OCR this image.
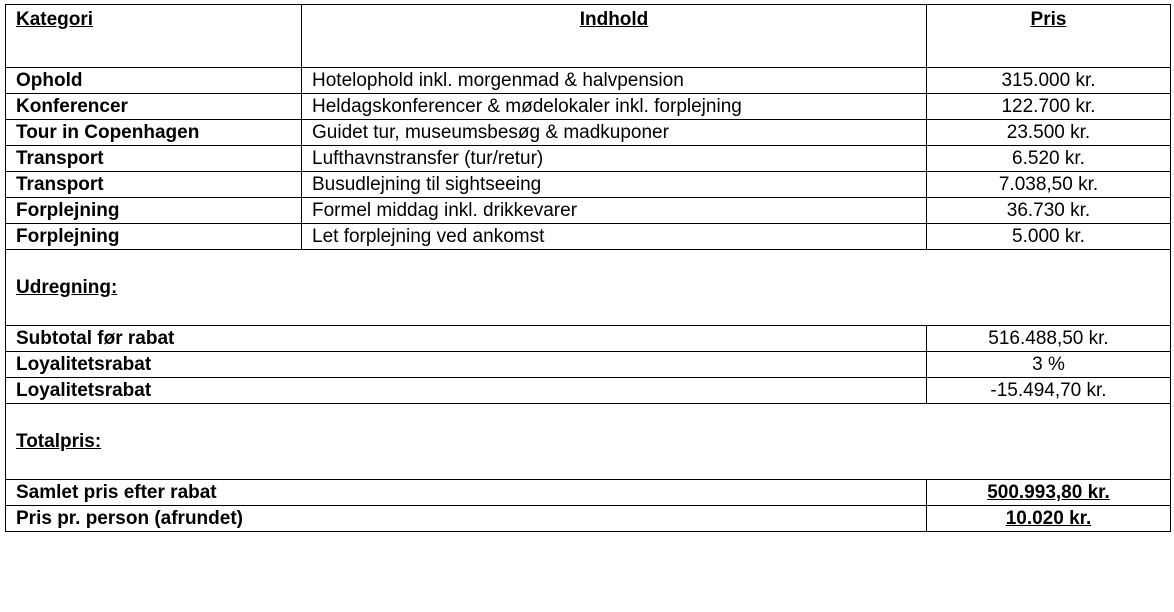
Kategori	Indhold	Pris
Ophold	Hotelophold inkl. morgenmad & halvpension	315.000 kr.
Konferencer	Heldagskonferencer & mødelokaler inkl. forplejning	122.700 kr.
Tour in Copenhagen	Guidet tur, museumsbesøg & madkuponer	23.500 kr.
Transport	Lufthavnstransfer (tur/retur)	6.520 kr.
Transport	Busudlejning til sightseeing	7.038,50 kr.
Forplejning	Formel middag inkl. drikkevarer	36.730 kr.
Forplejning	Let forplejning ved ankomst	5.000 kr.
Udregning:		
Subtotal før rabat		516.488,50 kr.
Loyalitetsrabat		3 %
Loyalitetsrabat		-15.494,70 kr.
Totalpris:		
Samlet pris efter rabat		500.993,80 kr.
Pris pr. person (afrundet)		10.020 kr.
